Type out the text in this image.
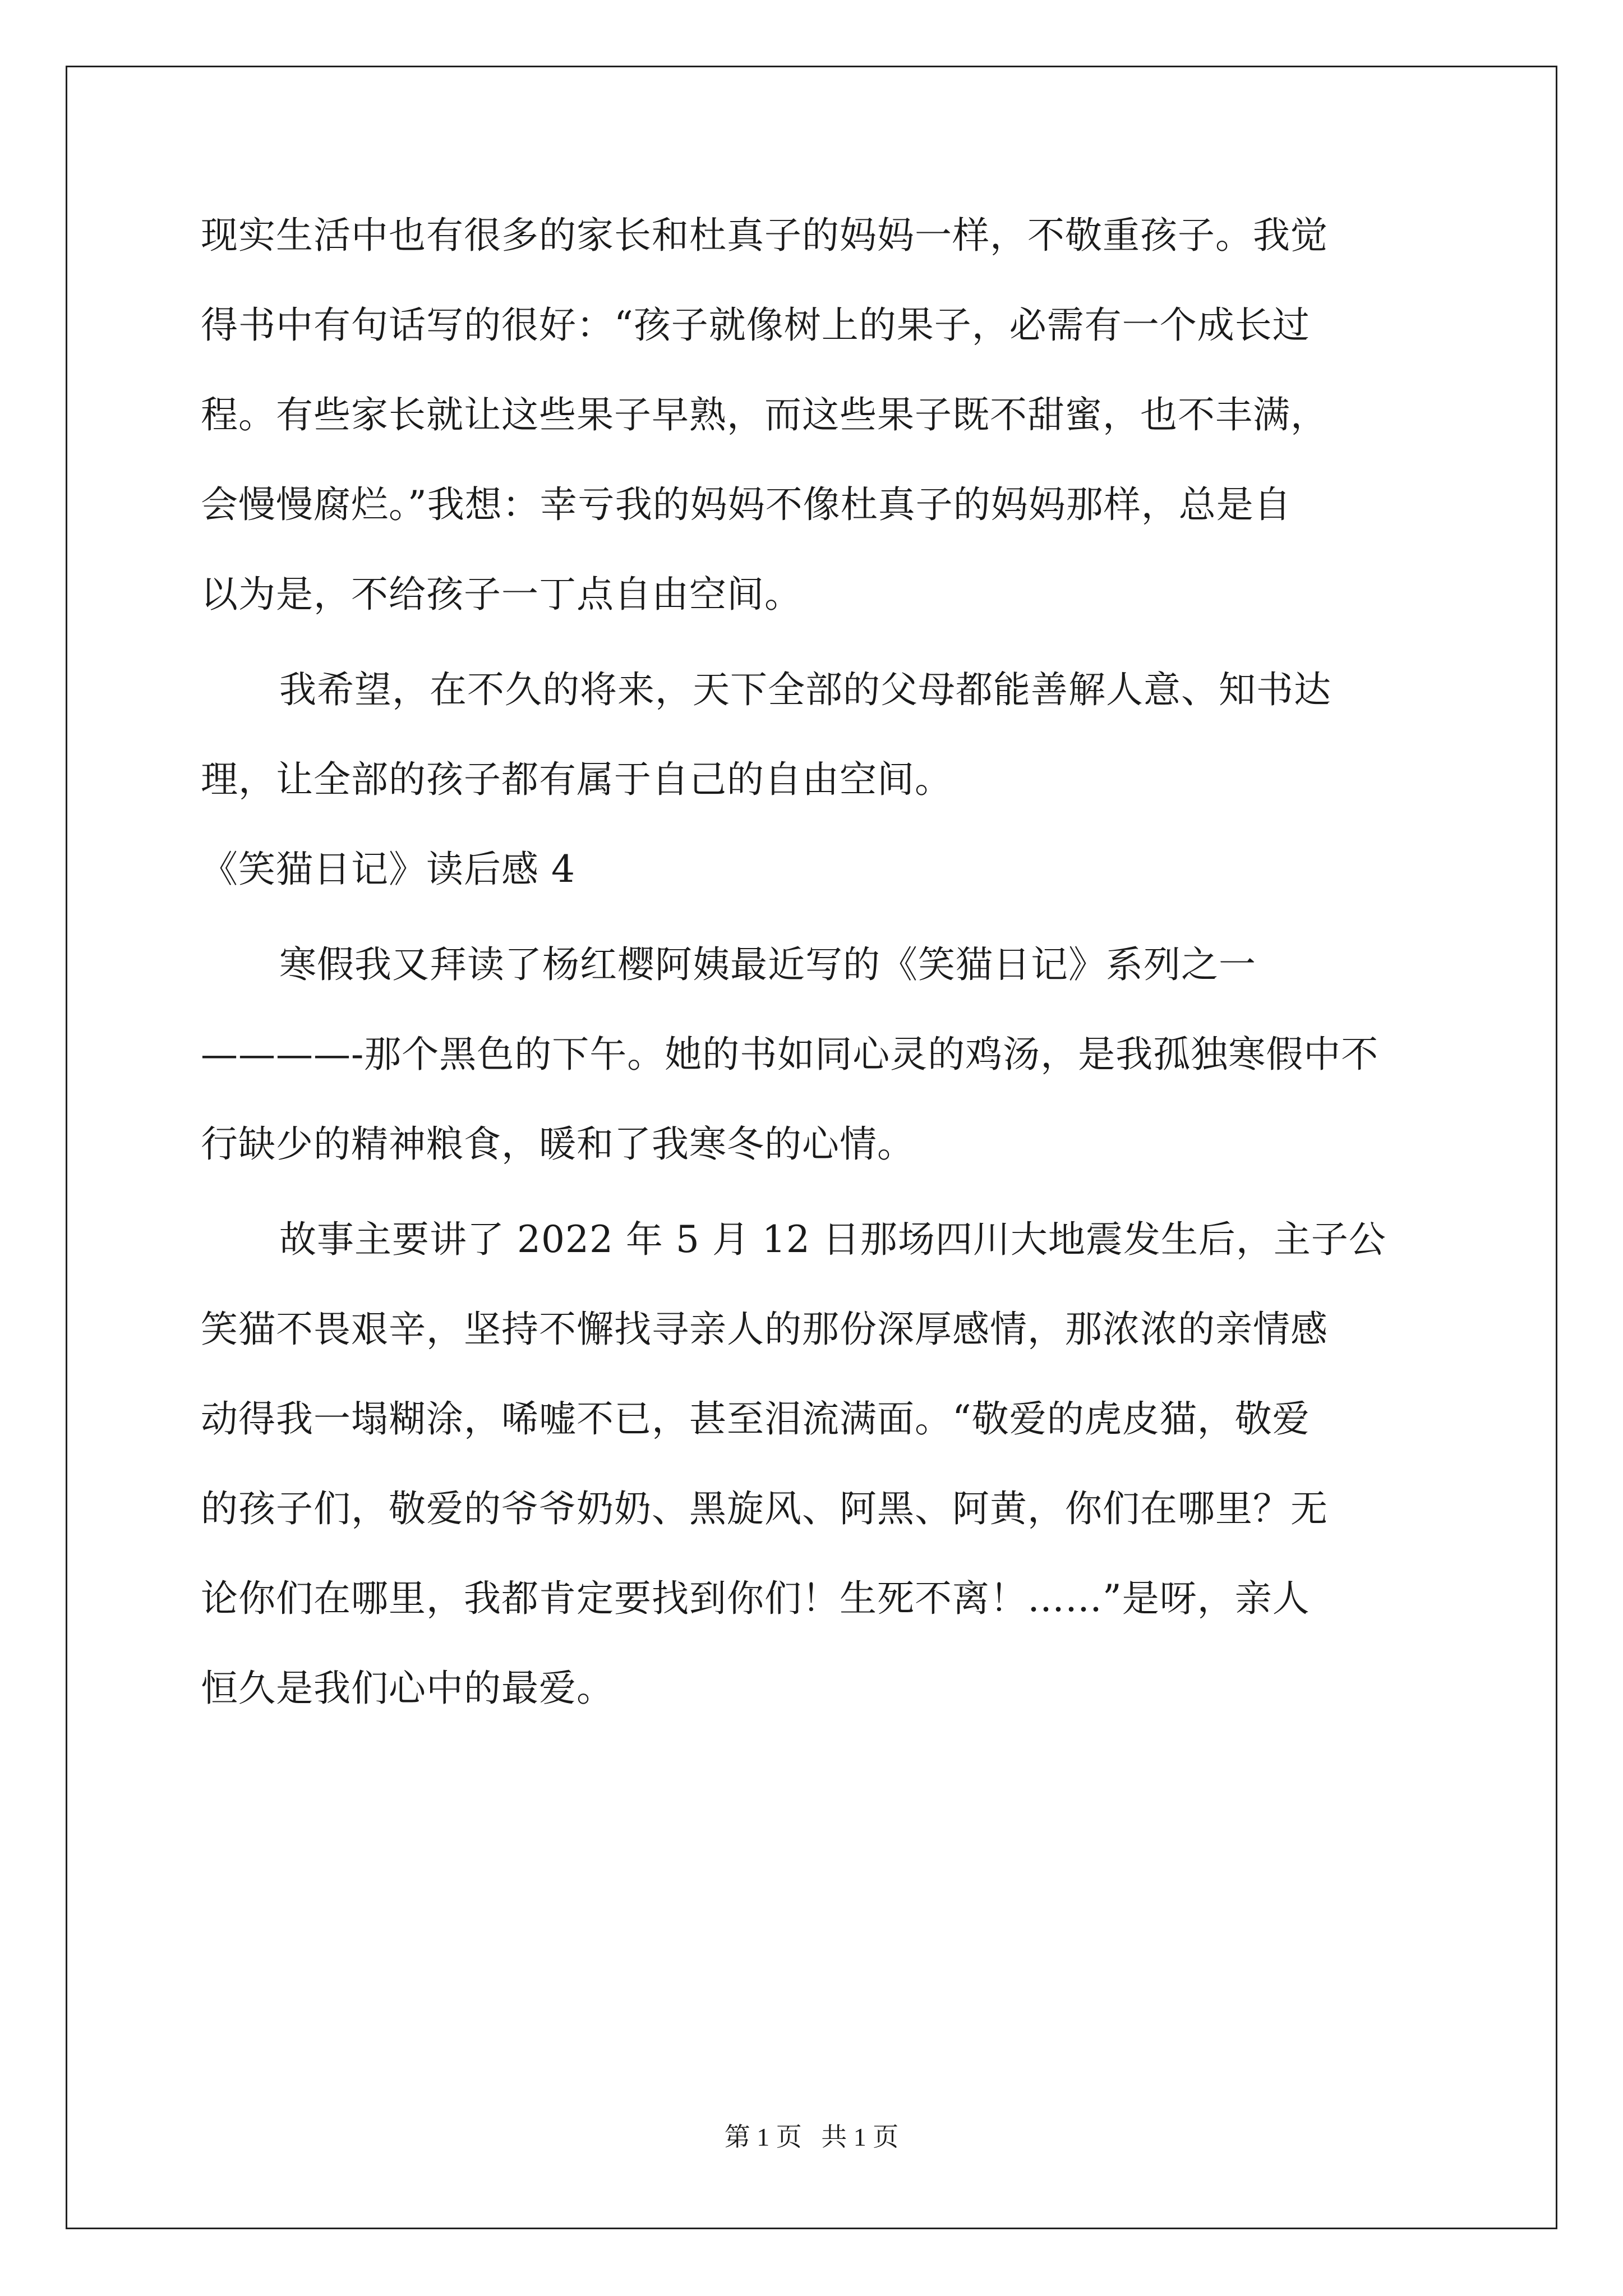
现实生活中也有很多的家长和杜真子的妈妈一样，不敬重孩子。我觉

得书中有句话写的很好：“孩子就像树上的果子，必需有一个成长过

程。有些家长就让这些果子早熟，而这些果子既不甜蜜，也不丰满，

会慢慢腐烂。”我想：幸亏我的妈妈不像杜真子的妈妈那样，总是自

以为是，不给孩子一丁点自由空间。

我希望，在不久的将来，天下全部的父母都能善解人意、知书达

理，让全部的孩子都有属于自己的自由空间。

《笑猫日记》读后感 4

寒假我又拜读了杨红樱阿姨最近写的《笑猫日记》系列之一

————-那个黑色的下午。她的书如同心灵的鸡汤，是我孤独寒假中不

行缺少的精神粮食，暖和了我寒冬的心情。

故事主要讲了 2022 年 5 月 12 日那场四川大地震发生后，主子公

笑猫不畏艰辛，坚持不懈找寻亲人的那份深厚感情，那浓浓的亲情感

动得我一塌糊涂，唏嘘不已，甚至泪流满面。“敬爱的虎皮猫，敬爱

的孩子们，敬爱的爷爷奶奶、黑旋风、阿黑、阿黄，你们在哪里？无

论你们在哪里，我都肯定要找到你们！生死不离！……”是呀，亲人

恒久是我们心中的最爱。

第 1 页   共 1 页
